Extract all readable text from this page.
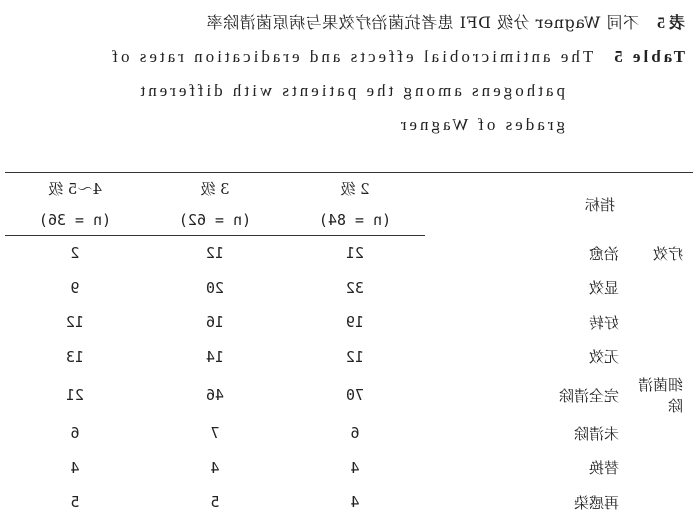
表 5不同 Wagner 分级 DFI 患者抗菌治疗效果与病原菌清除率
Table 5The antimicrobial effects and eradication rates of
pathogens among the patients with different
grades of Wagner
指标		2 级	3 级	4～5 级
		(n = 84)	(n = 62)	(n = 36)
疗效	治愈	21	12	2
	显效	32	20	9
	好转	19	16	12
	无效	12	14	13
细菌清除	完全清除	70	46	21
	未清除	6	7	6
	替换	4	4	4
	再感染	4	5	5
